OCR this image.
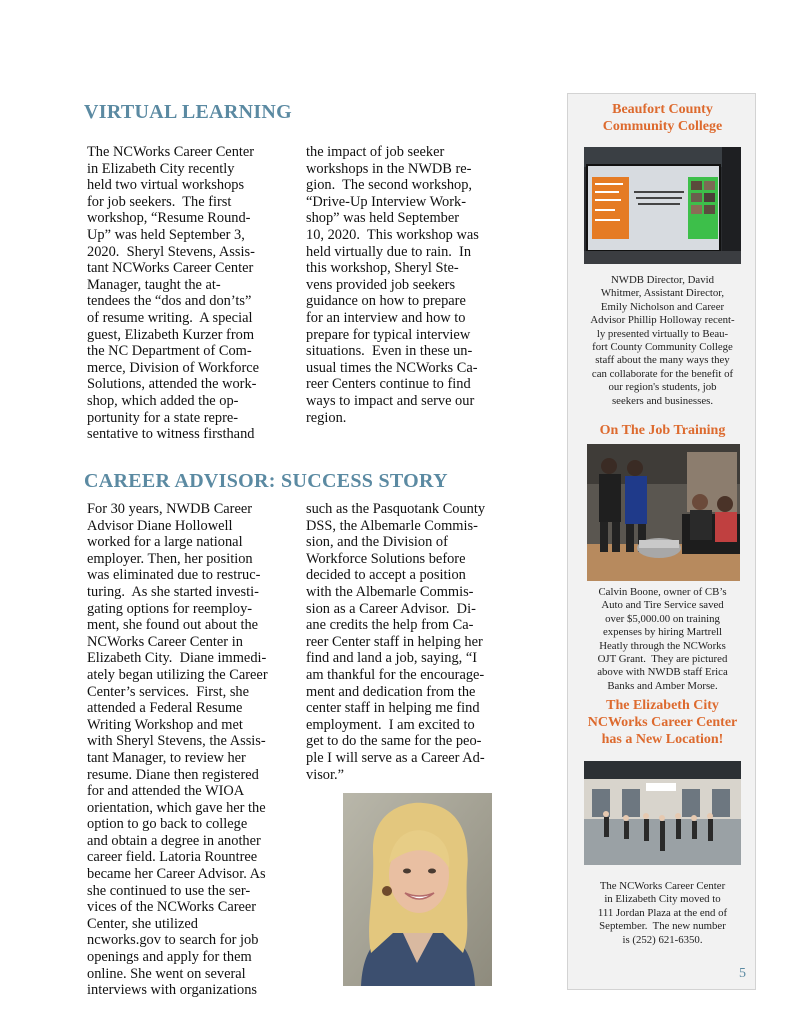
VIRTUAL LEARNING
The NCWorks Career Center
in Elizabeth City recently
held two virtual workshops
for job seekers.  The first
workshop, “Resume Round-
Up” was held September 3,
2020.  Sheryl Stevens, Assis-
tant NCWorks Career Center
Manager, taught the at-
tendees the “dos and don’ts”
of resume writing.  A special
guest, Elizabeth Kurzer from
the NC Department of Com-
merce, Division of Workforce
Solutions, attended the work-
shop, which added the op-
portunity for a state repre-
sentative to witness firsthand
the impact of job seeker
workshops in the NWDB re-
gion.  The second workshop,
“Drive-Up Interview Work-
shop” was held September
10, 2020.  This workshop was
held virtually due to rain.  In
this workshop, Sheryl Ste-
vens provided job seekers
guidance on how to prepare
for an interview and how to
prepare for typical interview
situations.  Even in these un-
usual times the NCWorks Ca-
reer Centers continue to find
ways to impact and serve our
region.
CAREER ADVISOR: SUCCESS STORY
For 30 years, NWDB Career
Advisor Diane Hollowell
worked for a large national
employer. Then, her position
was eliminated due to restruc-
turing.  As she started investi-
gating options for reemploy-
ment, she found out about the
NCWorks Career Center in
Elizabeth City.  Diane immedi-
ately began utilizing the Career
Center’s services.  First, she
attended a Federal Resume
Writing Workshop and met
with Sheryl Stevens, the Assis-
tant Manager, to review her
resume. Diane then registered
for and attended the WIOA
orientation, which gave her the
option to go back to college
and obtain a degree in another
career field. Latoria Rountree
became her Career Advisor. As
she continued to use the ser-
vices of the NCWorks Career
Center, she utilized
ncworks.gov to search for job
openings and apply for them
online. She went on several
interviews with organizations
such as the Pasquotank County
DSS, the Albemarle Commis-
sion, and the Division of
Workforce Solutions before
decided to accept a position
with the Albemarle Commis-
sion as a Career Advisor.  Di-
ane credits the help from Ca-
reer Center staff in helping her
find and land a job, saying, “I
am thankful for the encourage-
ment and dedication from the
center staff in helping me find
employment.  I am excited to
get to do the same for the peo-
ple I will serve as a Career Ad-
visor.”
Beaufort County
Community College
NWDB Director, David
Whitmer, Assistant Director,
Emily Nicholson and Career
Advisor Phillip Holloway recent-
ly presented virtually to Beau-
fort County Community College
staff about the many ways they
can collaborate for the benefit of
our region's students, job
seekers and businesses.
On The Job Training
Calvin Boone, owner of CB’s
Auto and Tire Service saved
over $5,000.00 on training
expenses by hiring Martrell
Heatly through the NCWorks
OJT Grant.  They are pictured
above with NWDB staff Erica
Banks and Amber Morse.
The Elizabeth City
NCWorks Career Center
has a New Location!
The NCWorks Career Center
in Elizabeth City moved to
111 Jordan Plaza at the end of
September.  The new number
is (252) 621-6350.
5
